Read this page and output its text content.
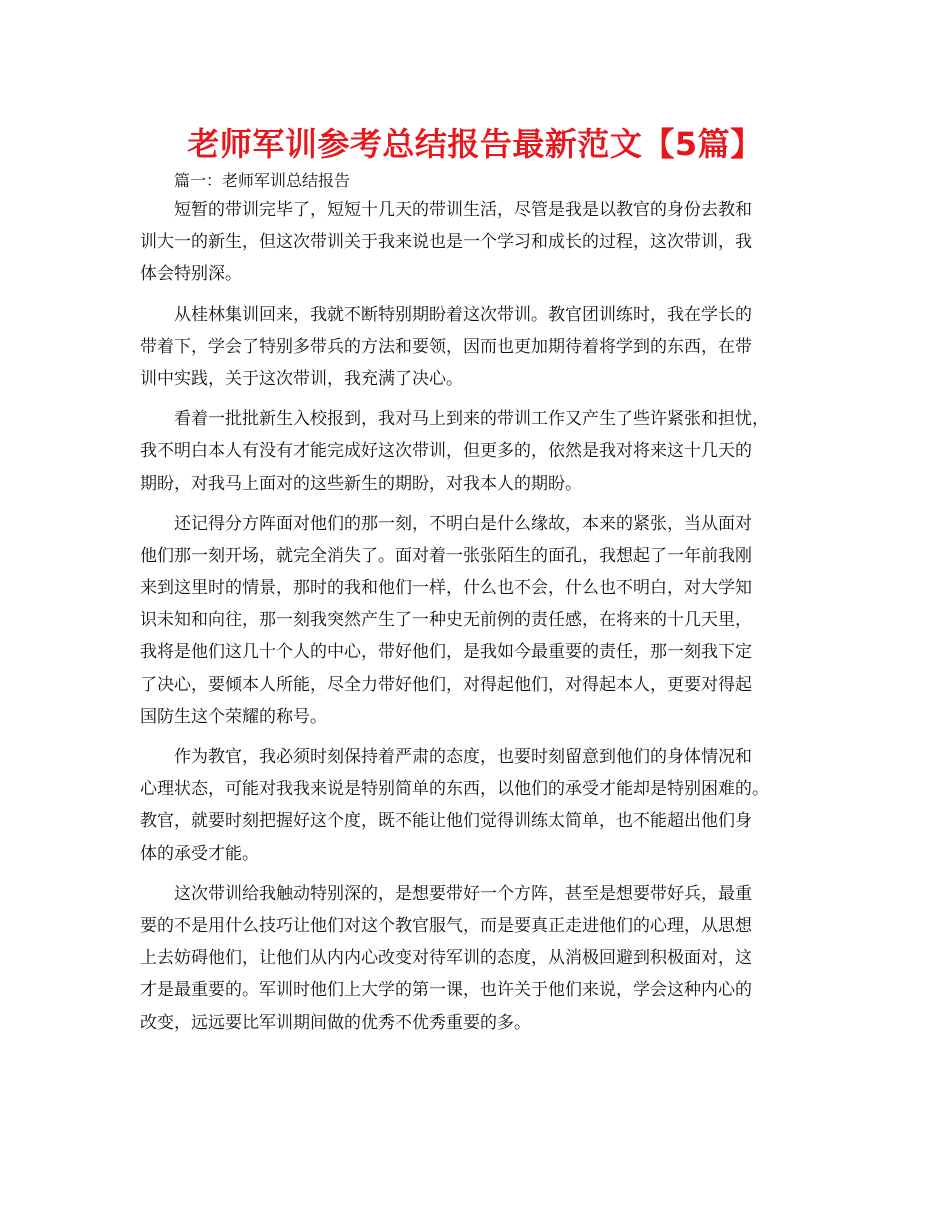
老师军训参考总结报告最新范文【5篇】
篇一：老师军训总结报告
短暂的带训完毕了，短短十几天的带训生活，尽管是我是以教官的身份去教和
训大一的新生，但这次带训关于我来说也是一个学习和成长的过程，这次带训，我
体会特别深。
从桂林集训回来，我就不断特别期盼着这次带训。教官团训练时，我在学长的
带着下，学会了特别多带兵的方法和要领，因而也更加期待着将学到的东西，在带
训中实践，关于这次带训，我充满了决心。
看着一批批新生入校报到，我对马上到来的带训工作又产生了些许紧张和担忧，
我不明白本人有没有才能完成好这次带训，但更多的，依然是我对将来这十几天的
期盼，对我马上面对的这些新生的期盼，对我本人的期盼。
还记得分方阵面对他们的那一刻，不明白是什么缘故，本来的紧张，当从面对
他们那一刻开场，就完全消失了。面对着一张张陌生的面孔，我想起了一年前我刚
来到这里时的情景，那时的我和他们一样，什么也不会，什么也不明白，对大学知
识未知和向往，那一刻我突然产生了一种史无前例的责任感，在将来的十几天里，
我将是他们这几十个人的中心，带好他们，是我如今最重要的责任，那一刻我下定
了决心，要倾本人所能，尽全力带好他们，对得起他们，对得起本人，更要对得起
国防生这个荣耀的称号。
作为教官，我必须时刻保持着严肃的态度，也要时刻留意到他们的身体情况和
心理状态，可能对我我来说是特别简单的东西，以他们的承受才能却是特别困难的。
教官，就要时刻把握好这个度，既不能让他们觉得训练太简单，也不能超出他们身
体的承受才能。
这次带训给我触动特别深的，是想要带好一个方阵，甚至是想要带好兵，最重
要的不是用什么技巧让他们对这个教官服气，而是要真正走进他们的心理，从思想
上去妨碍他们，让他们从内内心改变对待军训的态度，从消极回避到积极面对，这
才是最重要的。军训时他们上大学的第一课，也许关于他们来说，学会这种内心的
改变，远远要比军训期间做的优秀不优秀重要的多。
